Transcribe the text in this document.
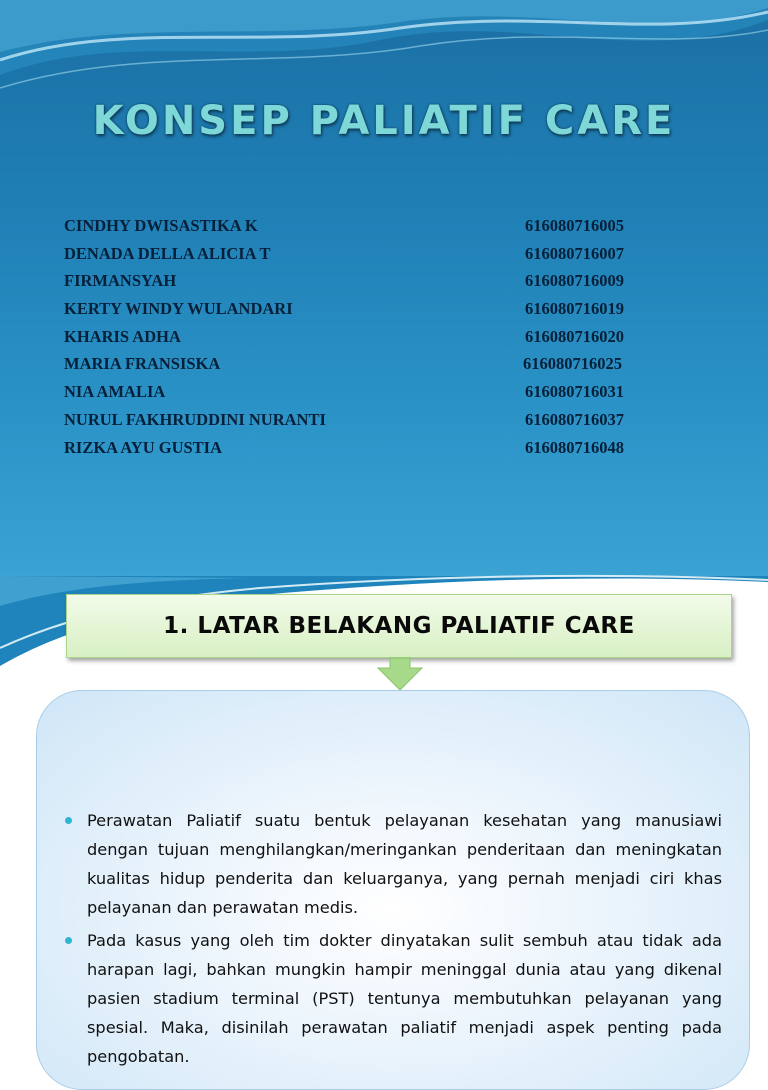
KONSEP PALIATIF CARE
CINDHY DWISASTIKA K	616080716005
DENADA DELLA ALICIA T	616080716007
FIRMANSYAH	616080716009
KERTY WINDY WULANDARI	616080716019
KHARIS ADHA	616080716020
MARIA FRANSISKA	616080716025
NIA AMALIA	616080716031
NURUL FAKHRUDDINI NURANTI	616080716037
RIZKA AYU GUSTIA	616080716048
1. LATAR BELAKANG PALIATIF CARE
Perawatan Paliatif suatu bentuk pelayanan kesehatan yang manusiawi dengan tujuan menghilangkan/meringankan penderitaan dan meningkatan kualitas hidup penderita dan keluarganya, yang pernah menjadi ciri khas pelayanan dan perawatan medis.
Pada kasus yang oleh tim dokter dinyatakan sulit sembuh atau tidak ada harapan lagi, bahkan mungkin hampir meninggal dunia atau yang dikenal pasien stadium terminal (PST) tentunya membutuhkan pelayanan yang spesial. Maka, disinilah perawatan paliatif menjadi aspek penting pada pengobatan.
